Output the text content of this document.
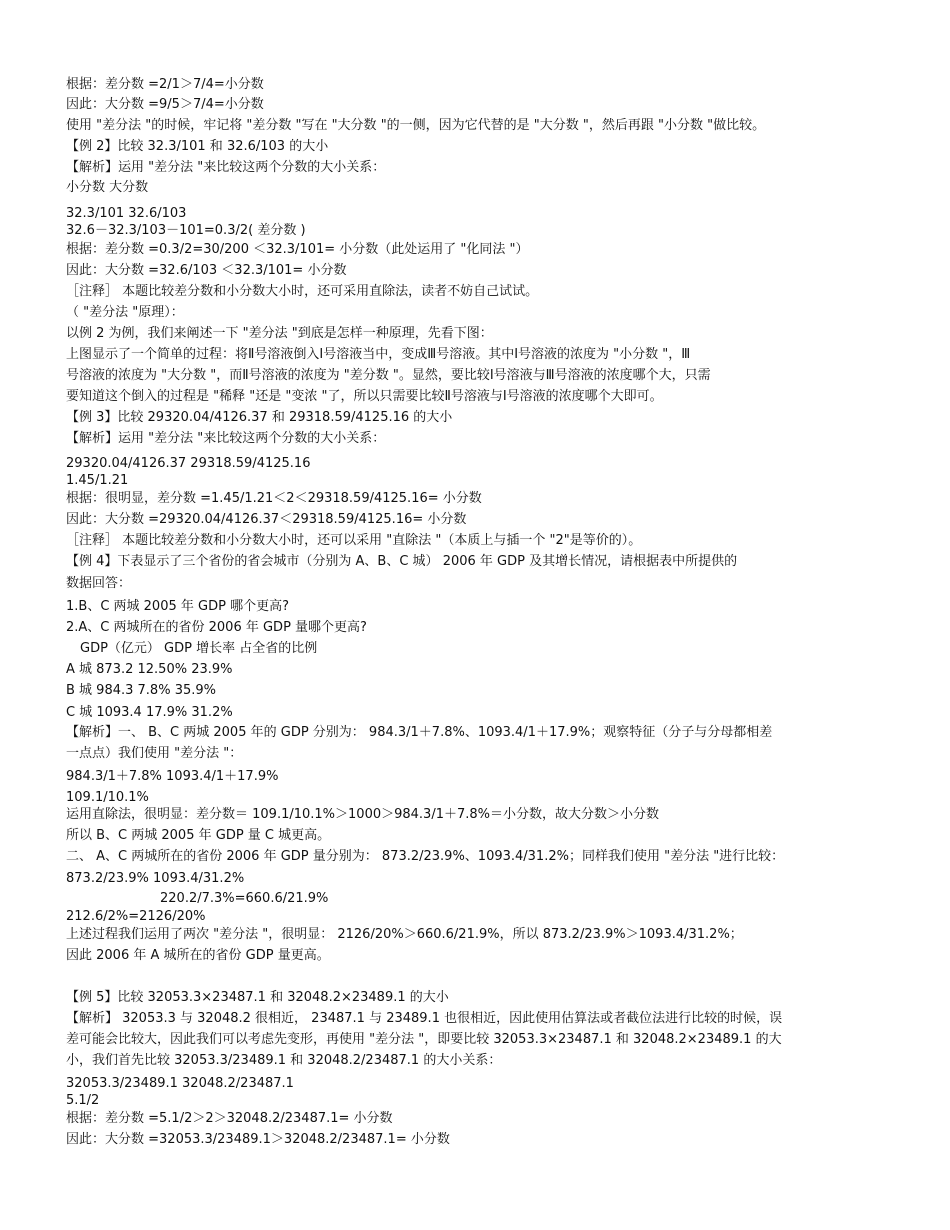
根据：差分数 =2/1＞7/4=小分数
因此：大分数 =9/5＞7/4=小分数
使用 "差分法 "的时候，牢记将 "差分数 "写在 "大分数 "的一侧，因为它代替的是 "大分数 "，然后再跟 "小分数 "做比较。
【例 2】比较 32.3/101 和 32.6/103 的大小
【解析】运用 "差分法 "来比较这两个分数的大小关系：
小分数 大分数
32.3/101 32.6/103
32.6－32.3/103－101=0.3/2( 差分数 )
根据：差分数 =0.3/2=30/200 ＜32.3/101= 小分数（此处运用了 "化同法 "）
因此：大分数 =32.6/103 ＜32.3/101= 小分数
［注释］ 本题比较差分数和小分数大小时，还可采用直除法，读者不妨自己试试。
（ "差分法 "原理）：
以例 2 为例，我们来阐述一下 "差分法 "到底是怎样一种原理，先看下图：
上图显示了一个简单的过程：将Ⅱ号溶液倒入Ⅰ号溶液当中，变成Ⅲ号溶液。其中Ⅰ号溶液的浓度为 "小分数 "，Ⅲ
号溶液的浓度为 "大分数 "，而Ⅱ号溶液的浓度为 "差分数 "。显然，要比较Ⅰ号溶液与Ⅲ号溶液的浓度哪个大，只需
要知道这个倒入的过程是 "稀释 "还是 "变浓 "了，所以只需要比较Ⅱ号溶液与Ⅰ号溶液的浓度哪个大即可。
【例 3】比较 29320.04/4126.37 和 29318.59/4125.16 的大小
【解析】运用 "差分法 "来比较这两个分数的大小关系：
29320.04/4126.37 29318.59/4125.16
1.45/1.21
根据：很明显，差分数 =1.45/1.21＜2＜29318.59/4125.16= 小分数
因此：大分数 =29320.04/4126.37＜29318.59/4125.16= 小分数
［注释］ 本题比较差分数和小分数大小时，还可以采用 "直除法 "（本质上与插一个 "2"是等价的）。
【例 4】下表显示了三个省份的省会城市（分别为 A、B、C 城） 2006 年 GDP 及其增长情况，请根据表中所提供的
数据回答：
1.B、C 两城 2005 年 GDP 哪个更高?
2.A、C 两城所在的省份 2006 年 GDP 量哪个更高?
GDP（亿元） GDP 增长率 占全省的比例
A 城 873.2 12.50% 23.9%
B 城 984.3 7.8% 35.9%
C 城 1093.4 17.9% 31.2%
【解析】一、 B、C 两城 2005 年的 GDP 分别为： 984.3/1＋7.8%、1093.4/1＋17.9%；观察特征（分子与分母都相差
一点点）我们使用 "差分法 "：
984.3/1＋7.8% 1093.4/1＋17.9%
109.1/10.1%
运用直除法，很明显：差分数＝ 109.1/10.1%＞1000＞984.3/1＋7.8%＝小分数，故大分数＞小分数
所以 B、C 两城 2005 年 GDP 量 C 城更高。
二、 A、C 两城所在的省份 2006 年 GDP 量分别为： 873.2/23.9%、1093.4/31.2%；同样我们使用 "差分法 "进行比较：
873.2/23.9% 1093.4/31.2%
220.2/7.3%=660.6/21.9%
212.6/2%=2126/20%
上述过程我们运用了两次 "差分法 "，很明显： 2126/20%＞660.6/21.9%，所以 873.2/23.9%＞1093.4/31.2%；
因此 2006 年 A 城所在的省份 GDP 量更高。
【例 5】比较 32053.3×23487.1 和 32048.2×23489.1 的大小
【解析】 32053.3 与 32048.2 很相近， 23487.1 与 23489.1 也很相近，因此使用估算法或者截位法进行比较的时候，误
差可能会比较大，因此我们可以考虑先变形，再使用 "差分法 "，即要比较 32053.3×23487.1 和 32048.2×23489.1 的大
小，我们首先比较 32053.3/23489.1 和 32048.2/23487.1 的大小关系：
32053.3/23489.1 32048.2/23487.1
5.1/2
根据：差分数 =5.1/2＞2＞32048.2/23487.1= 小分数
因此：大分数 =32053.3/23489.1＞32048.2/23487.1= 小分数
